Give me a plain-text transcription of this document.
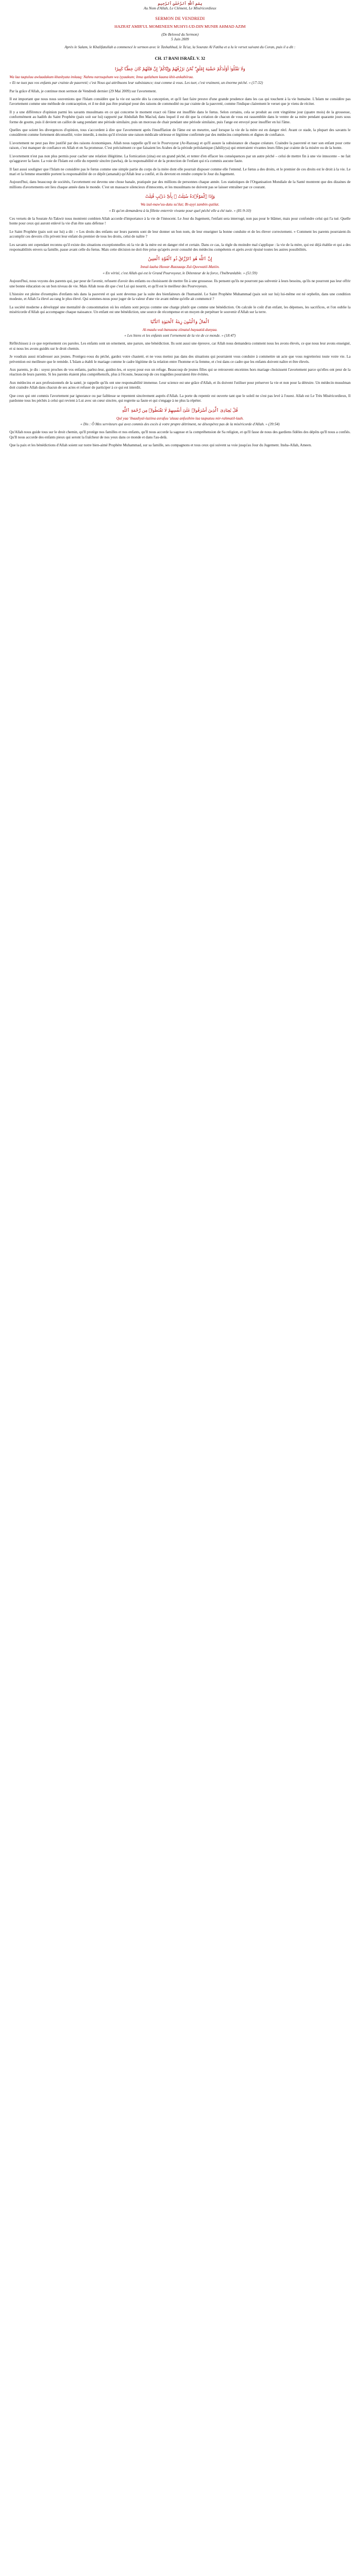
بِسْمِ ٱللَّٰهِ ٱلرَّحْمَٰنِ ٱلرَّحِيمِ

Au Nom d'Allah, Le Clément, Le Miséricordieux

SERMON DE VENDREDI

HAZRAT AMIR'UL MOMENEEN MUHYI-UD-DIN MUNIR AHMAD AZIM

(De Beloved du Sermon)

5 Juin 2009

Après le Salam, le Khalifatullah a commencé le sermon avec le Tashahhud, le Ta'uz, la Sourate Al Fatiha et a lu le verset suivant du Coran, puis il a dit :

CH. 17 BANI ISRAËL V. 32

وَلَا تَقْتُلُوٓا۟ أَوْلَٰدَكُمْ خَشْيَةَ إِمْلَٰقٍ ۖ نَّحْنُ نَرْزُقُهُمْ وَإِيَّاكُمْ ۚ إِنَّ قَتْلَهُمْ كَانَ خِطْـًٔا كَبِيرًا

Wa laa taqtuluu awlaadakum khashyata imlaaq; Nahnu narzuquhum wa iyyaakum; Inna qatlahum kaana khit-ankabiiraa.

« Et ne tuez pas vos enfants par crainte de pauvreté; c'est Nous qui attribuons leur subsistance; tout comme à vous. Les tuer, c'est vraiment, un énorme péché. » (17:32)

Par la grâce d'Allah, je continue mon sermon de Vendredi dernier (29 Mai 2009) sur l'avortement.

Il est important que nous nous souvenions que l'Islam considère que la vie est sacrée dès la conception, et qu'il faut faire preuve d'une grande prudence dans les cas qui touchent à la vie humaine. L'Islam ne considère pas l'avortement comme une méthode de contraception, et il ne doit pas être pratiqué pour des raisons de commodité ou par crainte de la pauvreté, comme l'indique clairement le verset que je viens de réciter.

Il y a une différence d'opinion parmi les savants musulmans en ce qui concerne le moment exact où l'âme est insufflée dans le fœtus. Selon certains, cela se produit au cent vingtième jour (quatre mois) de la grossesse, conformément au hadith du Saint Prophète (paix soit sur lui) rapporté par Abdullah Ibn Mas'ud, dans lequel il est dit que la création de chacun de vous est rassemblée dans le ventre de sa mère pendant quarante jours sous forme de goutte, puis il devient un caillot de sang pendant une période similaire, puis un morceau de chair pendant une période similaire, puis l'ange est envoyé pour insuffler en lui l'âme.

Quelles que soient les divergences d'opinion, tous s'accordent à dire que l'avortement après l'insufflation de l'âme est un meurtre, sauf lorsque la vie de la mère est en danger réel. Avant ce stade, la plupart des savants le considèrent comme fortement déconseillé, voire interdit, à moins qu'il n'existe une raison médicale sérieuse et légitime confirmée par des médecins compétents et dignes de confiance.

L'avortement ne peut pas être justifié par des raisons économiques. Allah nous rappelle qu'Il est le Pourvoyeur (Ar-Razzaq) et qu'Il assure la subsistance de chaque créature. Craindre la pauvreté et tuer son enfant pour cette raison, c'est manquer de confiance en Allah et en Sa promesse. C'est précisément ce que faisaient les Arabes de la période préislamique (Jahiliyya) qui enterraient vivantes leurs filles par crainte de la misère ou de la honte.

L'avortement n'est pas non plus permis pour cacher une relation illégitime. La fornication (zina) est un grand péché, et tenter d'en effacer les conséquences par un autre péché – celui de mettre fin à une vie innocente – ne fait qu'aggraver la faute. La voie de l'Islam est celle du repentir sincère (tawba), de la responsabilité et de la protection de l'enfant qui n'a commis aucune faute.

Il faut aussi souligner que l'Islam ne considère pas le fœtus comme une simple partie du corps de la mère dont elle pourrait disposer comme elle l'entend. Le fœtus a des droits, et le premier de ces droits est le droit à la vie. Le mari et la femme ensemble portent la responsabilité de ce dépôt (amanah) qu'Allah leur a confié, et ils devront en rendre compte le Jour du Jugement.

Aujourd'hui, dans beaucoup de sociétés, l'avortement est devenu une chose banale, pratiquée par des millions de personnes chaque année. Les statistiques de l'Organisation Mondiale de la Santé montrent que des dizaines de millions d'avortements ont lieu chaque année dans le monde. C'est un massacre silencieux d'innocents, et les musulmans ne doivent pas se laisser entraîner par ce courant.

وَإِذَا ٱلْمَوْءُۥدَةُ سُئِلَتْ ۞ بِأَىِّ ذَنۢبٍ قُتِلَتْ

Wa izal-maw'uu-datu su'ilat; Bi-ayyi zambin qutilat.

« Et qu'on demandera à la fillette enterrée vivante pour quel péché elle a été tuée. » (81:9-10)

Ces versets de la Sourate At-Takwir nous montrent combien Allah accorde d'importance à la vie de l'innocent. Le Jour du Jugement, l'enfant sera interrogé, non pas pour le blâmer, mais pour confondre celui qui l'a tué. Quelle honte pour ceux qui auront enlevé la vie d'un être sans défense !

Le Saint Prophète (paix soit sur lui) a dit : « Les droits des enfants sur leurs parents sont de leur donner un bon nom, de leur enseigner la bonne conduite et de les élever correctement. » Comment les parents pourraient-ils accomplir ces devoirs s'ils privent leur enfant du premier de tous les droits, celui de naître ?

Les savants ont cependant reconnu qu'il existe des situations exceptionnelles où la vie de la mère est en danger réel et certain. Dans ce cas, la règle du moindre mal s'applique : la vie de la mère, qui est déjà établie et qui a des responsabilités envers sa famille, passe avant celle du fœtus. Mais cette décision ne doit être prise qu'après avoir consulté des médecins compétents et après avoir épuisé toutes les autres possibilités.

إِنَّ ٱللَّهَ هُوَ ٱلرَّزَّاقُ ذُو ٱلْقُوَّةِ ٱلْمَتِينُ

Innal-laaha Huwar-Razzaaqu Zul-Quwwatil-Matiin.

« En vérité, c'est Allah qui est le Grand Pourvoyeur, le Détenteur de la force, l'Inébranlable. » (51:59)

Aujourd'hui, nous voyons des parents qui, par peur de l'avenir, refusent d'avoir des enfants ou choisissent de mettre fin à une grossesse. Ils pensent qu'ils ne pourront pas subvenir à leurs besoins, qu'ils ne pourront pas leur offrir une bonne éducation ou un bon niveau de vie. Mais Allah nous dit que c'est Lui qui nourrit, et qu'Il est le meilleur des Pourvoyeurs.

L'histoire est pleine d'exemples d'enfants nés dans la pauvreté et qui sont devenus par la suite des bienfaiteurs de l'humanité. Le Saint Prophète Muhammad (paix soit sur lui) lui-même est né orphelin, dans une condition modeste, et Allah l'a élevé au rang le plus élevé. Qui sommes-nous pour juger de la valeur d'une vie avant même qu'elle ait commencé ?

La société moderne a développé une mentalité de consommation où les enfants sont perçus comme une charge plutôt que comme une bénédiction. On calcule le coût d'un enfant, les dépenses, les sacrifices, et l'on oublie la miséricorde d'Allah qui accompagne chaque naissance. Un enfant est une bénédiction, une source de récompense et un moyen de perpétuer le souvenir d'Allah sur la terre.

ٱلْمَالُ وَٱلْبَنُونَ زِينَةُ ٱلْحَيَوٰةِ ٱلدُّنْيَا

Al-maalu wal-banuuna ziinatul-hayaatid-dunyaa.

« Les biens et les enfants sont l'ornement de la vie de ce monde. » (18:47)

Réfléchissez à ce que représentent ces paroles. Les enfants sont un ornement, une parure, une bénédiction. Ils sont aussi une épreuve, car Allah nous demandera comment nous les avons élevés, ce que nous leur avons enseigné, et si nous les avons guidés sur le droit chemin.

Je voudrais aussi m'adresser aux jeunes. Protégez-vous du péché, gardez votre chasteté, et ne vous mettez pas dans des situations qui pourraient vous conduire à commettre un acte que vous regretteriez toute votre vie. La prévention est meilleure que le remède. L'Islam a établi le mariage comme le cadre légitime de la relation entre l'homme et la femme, et c'est dans ce cadre que les enfants doivent naître et être élevés.

Aux parents, je dis : soyez proches de vos enfants, parlez-leur, guidez-les, et soyez pour eux un refuge. Beaucoup de jeunes filles qui se retrouvent enceintes hors mariage choisissent l'avortement parce qu'elles ont peur de la réaction de leurs parents. Si les parents étaient plus compréhensifs, plus à l'écoute, beaucoup de ces tragédies pourraient être évitées.

Aux médecins et aux professionnels de la santé, je rappelle qu'ils ont une responsabilité immense. Leur science est une grâce d'Allah, et ils doivent l'utiliser pour préserver la vie et non pour la détruire. Un médecin musulman doit craindre Allah dans chacun de ses actes et refuser de participer à ce qui est interdit.

Que ceux qui ont commis l'avortement par ignorance ou par faiblesse se repentent sincèrement auprès d'Allah. La porte du repentir est ouverte tant que le soleil ne s'est pas levé à l'ouest. Allah est Le Très Miséricordieux, Il pardonne tous les péchés à celui qui revient à Lui avec un cœur sincère, qui regrette sa faute et qui s'engage à ne plus la répéter.

قُلْ يَٰعِبَادِىَ ٱلَّذِينَ أَسْرَفُوا۟ عَلَىٰٓ أَنفُسِهِمْ لَا تَقْنَطُوا۟ مِن رَّحْمَةِ ٱللَّهِ

Qul yaa 'ibaadiyal-laziina asrafuu 'alaaa anfusihim laa taqnatuu mir-rahmatil-laah.

« Dis : Ô Mes serviteurs qui avez commis des excès à votre propre détriment, ne désespérez pas de la miséricorde d'Allah. » (39:54)

Qu'Allah nous guide tous sur le droit chemin, qu'Il protège nos familles et nos enfants, qu'Il nous accorde la sagesse et la compréhension de Sa religion, et qu'Il fasse de nous des gardiens fidèles des dépôts qu'Il nous a confiés. Qu'Il nous accorde des enfants pieux qui seront la fraîcheur de nos yeux dans ce monde et dans l'au-delà.

Que la paix et les bénédictions d'Allah soient sur notre bien-aimé Prophète Muhammad, sur sa famille, ses compagnons et tous ceux qui suivent sa voie jusqu'au Jour du Jugement. Insha-Allah, Ameen.
